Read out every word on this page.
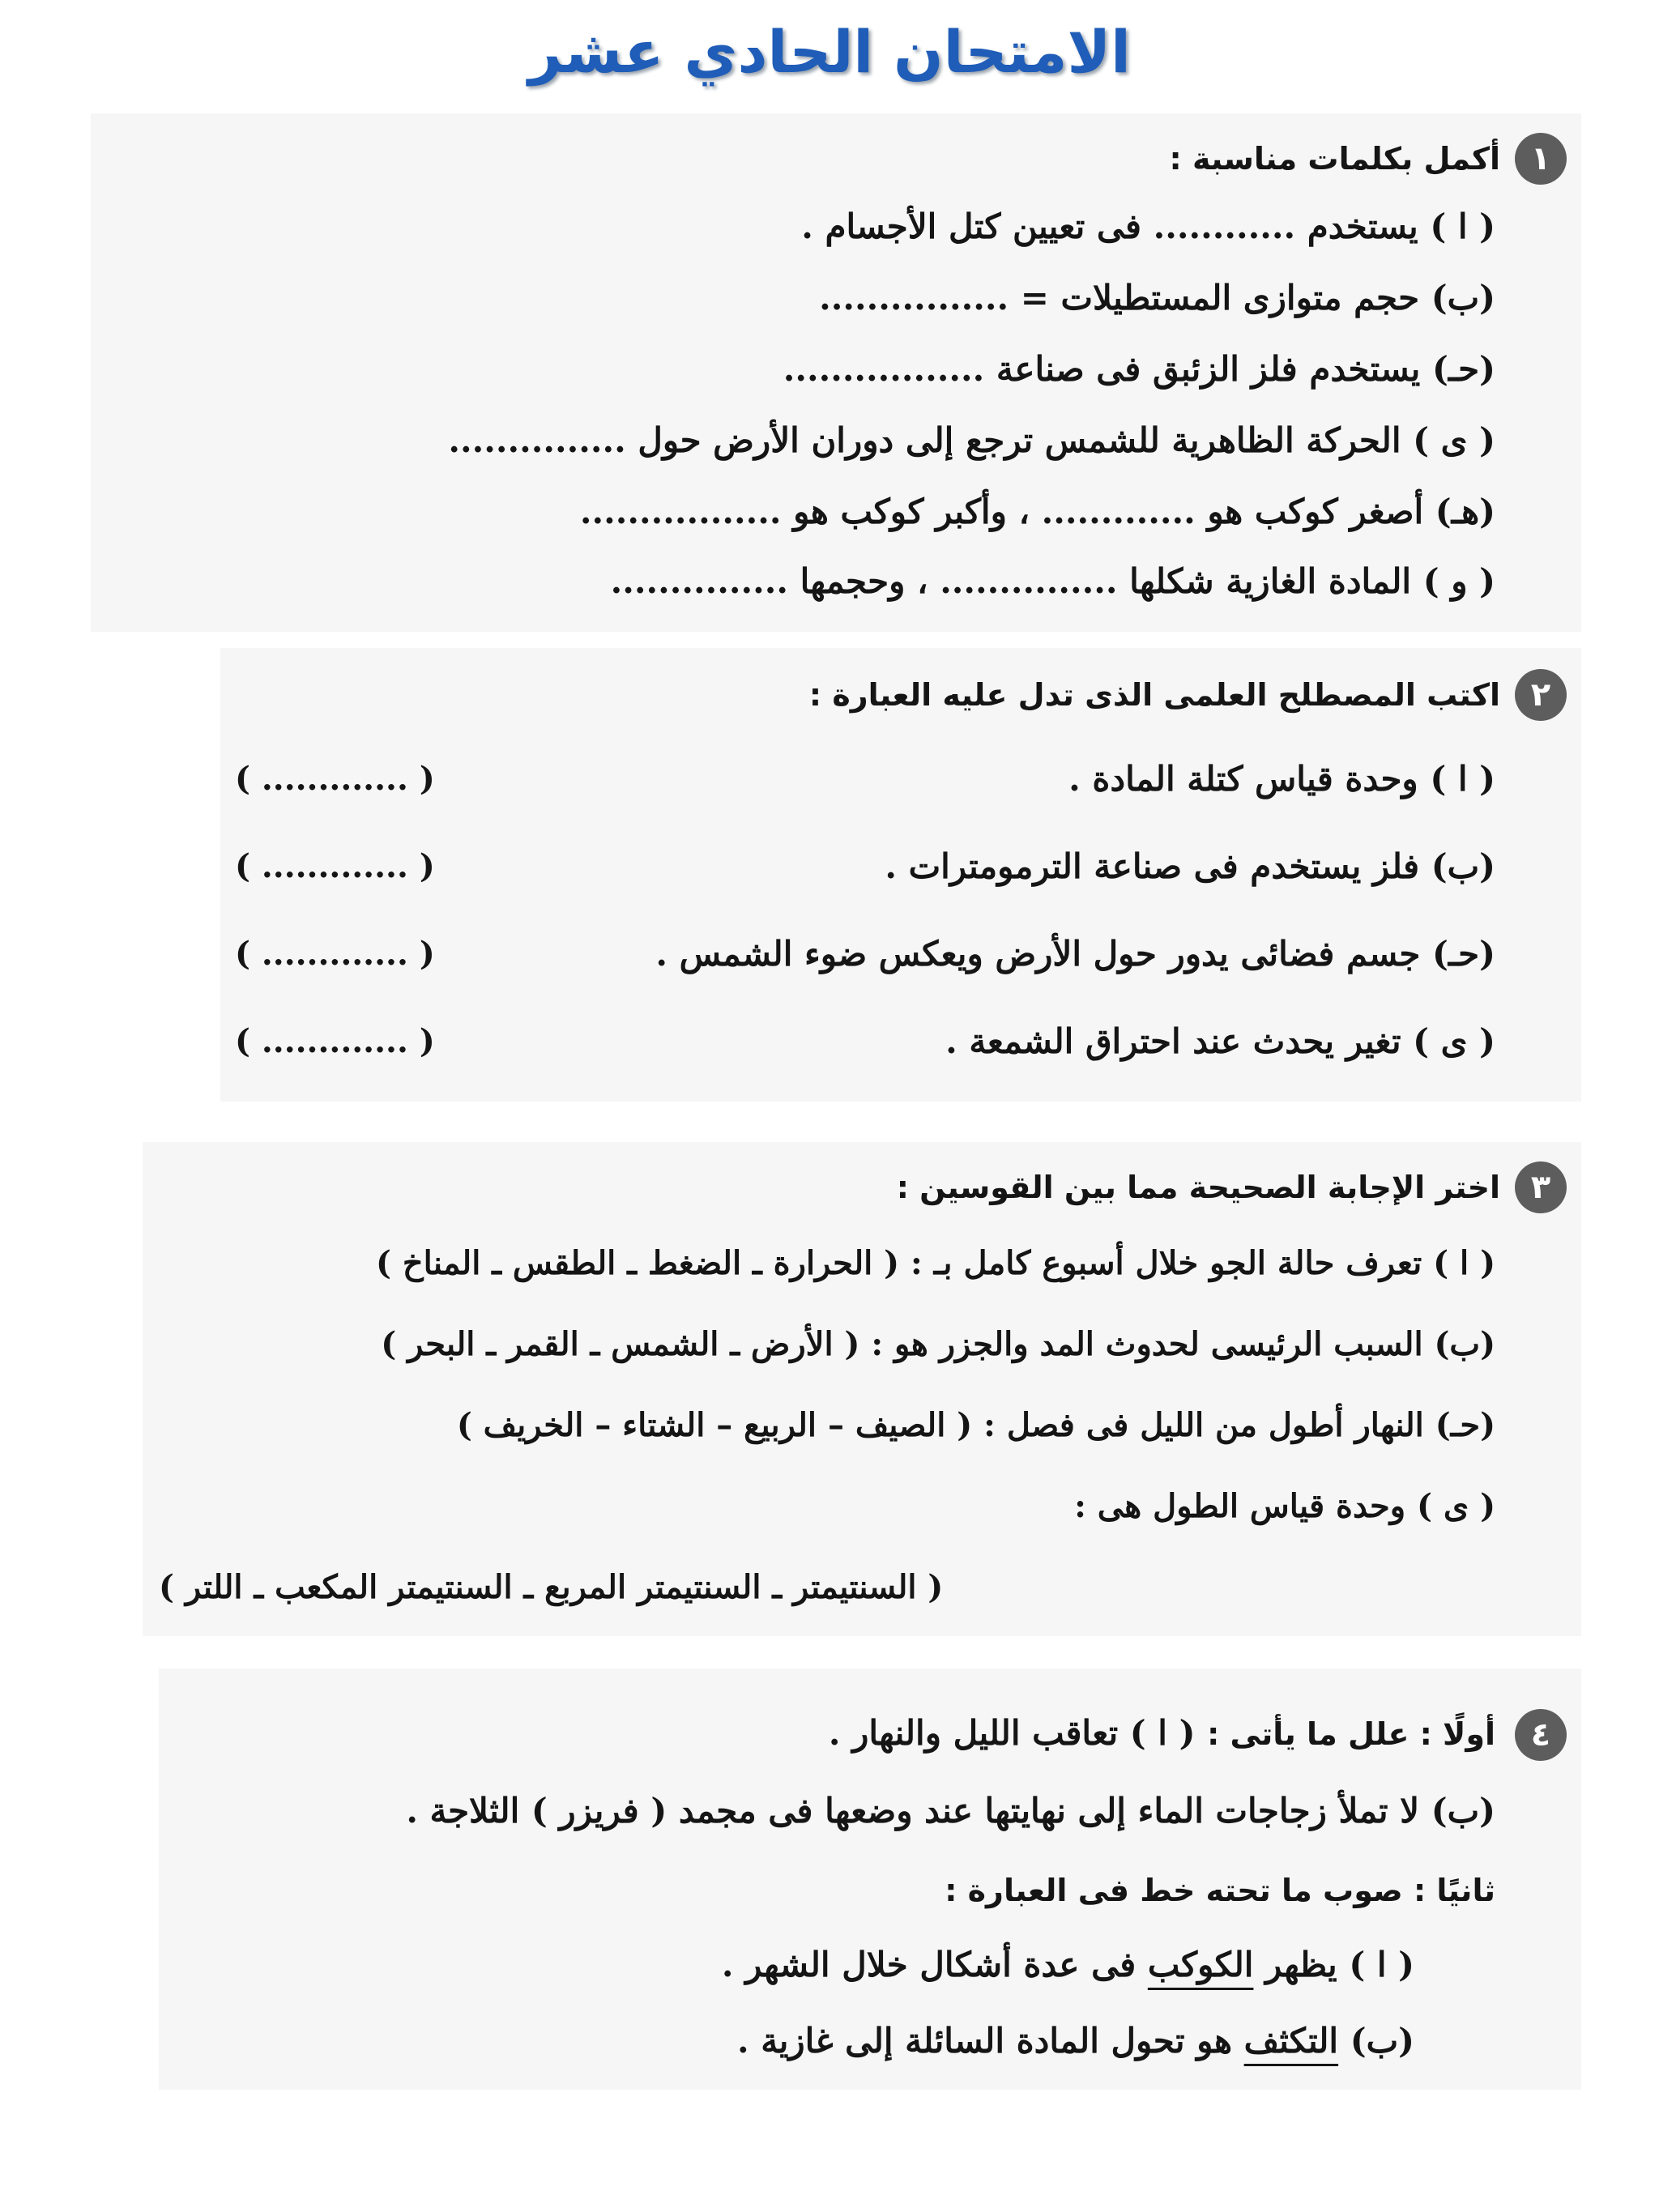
الامتحان الحادي عشر
١
أكمل بكلمات مناسبة :
( ا ) يستخدم ............ فى تعيين كتل الأجسام .
(ب) حجم متوازى المستطيلات = ................
(حـ) يستخدم فلز الزئبق فى صناعة .................
( ى ) الحركة الظاهرية للشمس ترجع إلى دوران الأرض حول ...............
(هـ) أصغر كوكب هو ............. ، وأكبر كوكب هو .................
( و ) المادة الغازية شكلها ............... ، وحجمها ...............
٢
اكتب المصطلح العلمى الذى تدل عليه العبارة :
( ا ) وحدة قياس كتلة المادة .
( ............. )
(ب) فلز يستخدم فى صناعة الترمومترات .
( ............. )
(حـ) جسم فضائى يدور حول الأرض ويعكس ضوء الشمس .
( ............. )
( ى ) تغير يحدث عند احتراق الشمعة .
( ............. )
٣
اختر الإجابة الصحيحة مما بين القوسين :
( ا ) تعرف حالة الجو خلال أسبوع كامل بـ : ( الحرارة ـ الضغط ـ الطقس ـ المناخ )
(ب) السبب الرئيسى لحدوث المد والجزر هو : ( الأرض ـ الشمس ـ القمر ـ البحر )
(حـ) النهار أطول من الليل فى فصل : ( الصيف – الربيع – الشتاء – الخريف )
( ى ) وحدة قياس الطول هى :
( السنتيمتر ـ السنتيمتر المربع ـ السنتيمتر المكعب ـ اللتر )
٤
أولًا : علل ما يأتى : ( ا ) تعاقب الليل والنهار .
(ب) لا تملأ زجاجات الماء إلى نهايتها عند وضعها فى مجمد ( فريزر ) الثلاجة .
ثانيًا : صوب ما تحته خط فى العبارة :
( ا ) يظهر الكوكب فى عدة أشكال خلال الشهر .
(ب) التكثف هو تحول المادة السائلة إلى غازية .
